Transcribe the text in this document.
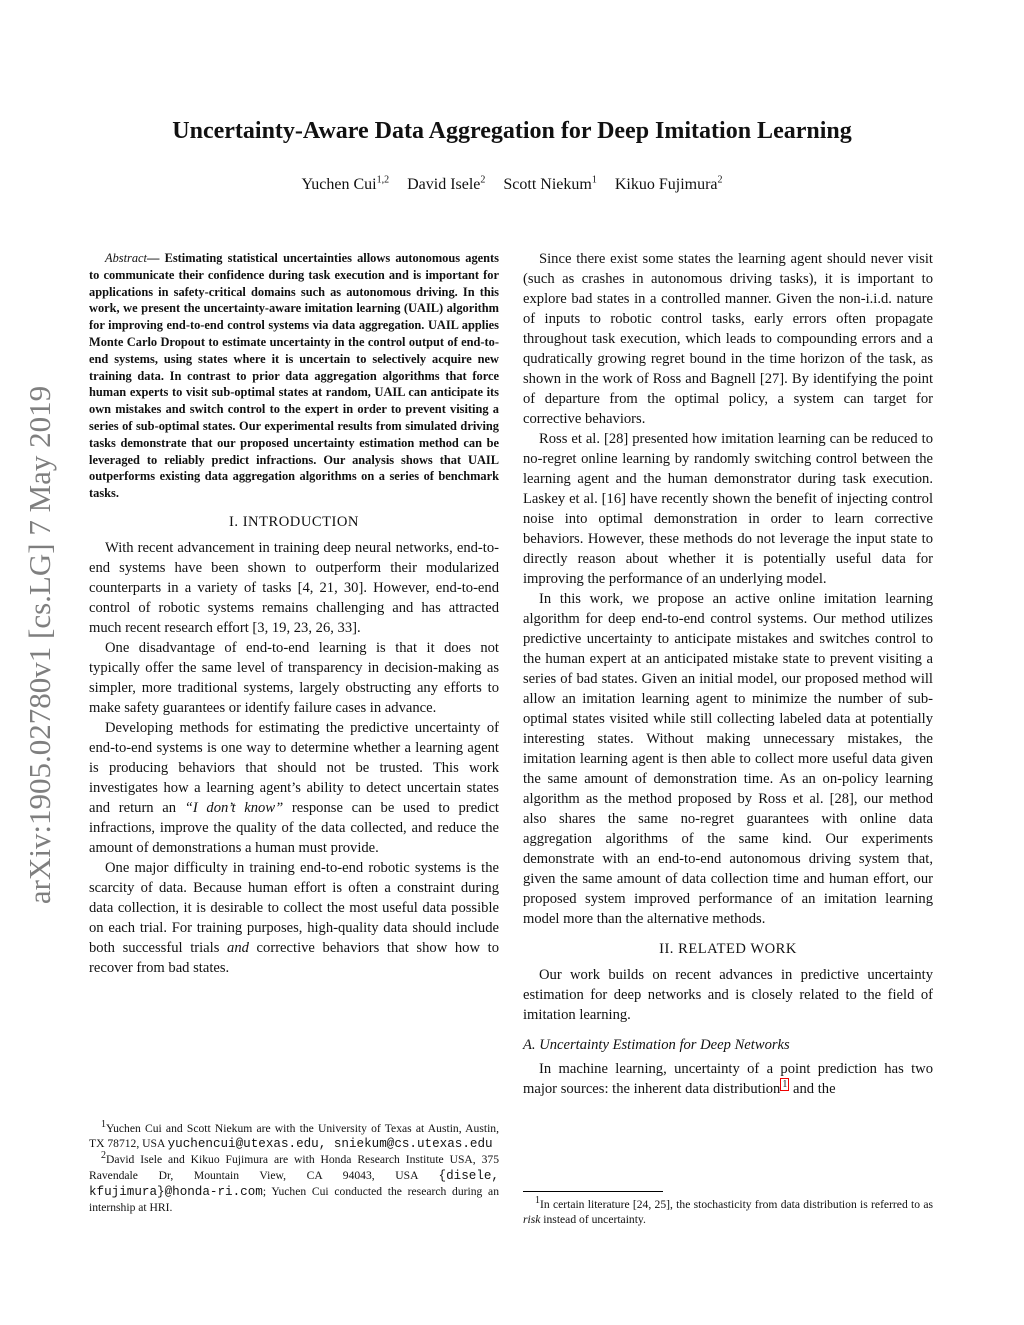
Uncertainty-Aware Data Aggregation for Deep Imitation Learning
Yuchen Cui$^{1,2}$ David Isele$^2$ Scott Niekum$^1$ Kikuo Fujimura$^2$
arXiv:1905.02780v1 [cs.LG] 7 May 2019

Abstract— Estimating statistical uncertainties allows autonomous agents to communicate their confidence during task execution and is important for applications in safety-critical domains such as autonomous driving. In this work, we present the uncertainty-aware imitation learning (UAIL) algorithm for improving end-to-end control systems via data aggregation. UAIL applies Monte Carlo Dropout to estimate uncertainty in the control output of end-to-end systems, using states where it is uncertain to selectively acquire new training data. In contrast to prior data aggregation algorithms that force human experts to visit sub-optimal states at random, UAIL can anticipate its own mistakes and switch control to the expert in order to prevent visiting a series of sub-optimal states. Our experimental results from simulated driving tasks demonstrate that our proposed uncertainty estimation method can be leveraged to reliably predict infractions. Our analysis shows that UAIL outperforms existing data aggregation algorithms on a series of benchmark tasks.

I. INTRODUCTION

With recent advancement in training deep neural networks, end-to-end systems have been shown to outperform their modularized counterparts in a variety of tasks [4, 21, 30]. However, end-to-end control of robotic systems remains challenging and has attracted much recent research effort [3, 19, 23, 26, 33].

One disadvantage of end-to-end learning is that it does not typically offer the same level of transparency in decision-making as simpler, more traditional systems, largely obstructing any efforts to make safety guarantees or identify failure cases in advance.

Developing methods for estimating the predictive uncertainty of end-to-end systems is one way to determine whether a learning agent is producing behaviors that should not be trusted. This work investigates how a learning agent’s ability to detect uncertain states and return an “I don’t know” response can be used to predict infractions, improve the quality of the data collected, and reduce the amount of demonstrations a human must provide.

One major difficulty in training end-to-end robotic systems is the scarcity of data. Because human effort is often a constraint during data collection, it is desirable to collect the most useful data possible on each trial. For training purposes, high-quality data should include both successful trials and corrective behaviors that show how to recover from bad states.

$^1$Yuchen Cui and Scott Niekum are with the University of Texas at Austin, Austin, TX 78712, USA yuchencui@utexas.edu, sniekum@cs.utexas.edu

$^2$David Isele and Kikuo Fujimura are with Honda Research Institute USA, 375 Ravendale Dr, Mountain View, CA 94043, USA {disele, kfujimura}@honda-ri.com; Yuchen Cui conducted the research during an internship at HRI.

Since there exist some states the learning agent should never visit (such as crashes in autonomous driving tasks), it is important to explore bad states in a controlled manner. Given the non-i.i.d. nature of inputs to robotic control tasks, early errors often propagate throughout task execution, which leads to compounding errors and a qudratically growing regret bound in the time horizon of the task, as shown in the work of Ross and Bagnell [27]. By identifying the point of departure from the optimal policy, a system can target for corrective behaviors.

Ross et al. [28] presented how imitation learning can be reduced to no-regret online learning by randomly switching control between the learning agent and the human demonstrator during task execution. Laskey et al. [16] have recently shown the benefit of injecting control noise into optimal demonstration in order to learn corrective behaviors. However, these methods do not leverage the input state to directly reason about whether it is potentially useful data for improving the performance of an underlying model.

In this work, we propose an active online imitation learning algorithm for deep end-to-end control systems. Our method utilizes predictive uncertainty to anticipate mistakes and switches control to the human expert at an anticipated mistake state to prevent visiting a series of bad states. Given an initial model, our proposed method will allow an imitation learning agent to minimize the number of sub-optimal states visited while still collecting labeled data at potentially interesting states. Without making unnecessary mistakes, the imitation learning agent is then able to collect more useful data given the same amount of demonstration time. As an on-policy learning algorithm as the method proposed by Ross et al. [28], our method also shares the same no-regret guarantees with online data aggregation algorithms of the same kind. Our experiments demonstrate with an end-to-end autonomous driving system that, given the same amount of data collection time and human effort, our proposed system improved performance of an imitation learning model more than the alternative methods.

II. RELATED WORK

Our work builds on recent advances in predictive uncertainty estimation for deep networks and is closely related to the field of imitation learning.

A. Uncertainty Estimation for Deep Networks

In machine learning, uncertainty of a point prediction has two major sources: the inherent data distribution $^1$ and the

$^1$In certain literature [24, 25], the stochasticity from data distribution is referred to as risk instead of uncertainty.
